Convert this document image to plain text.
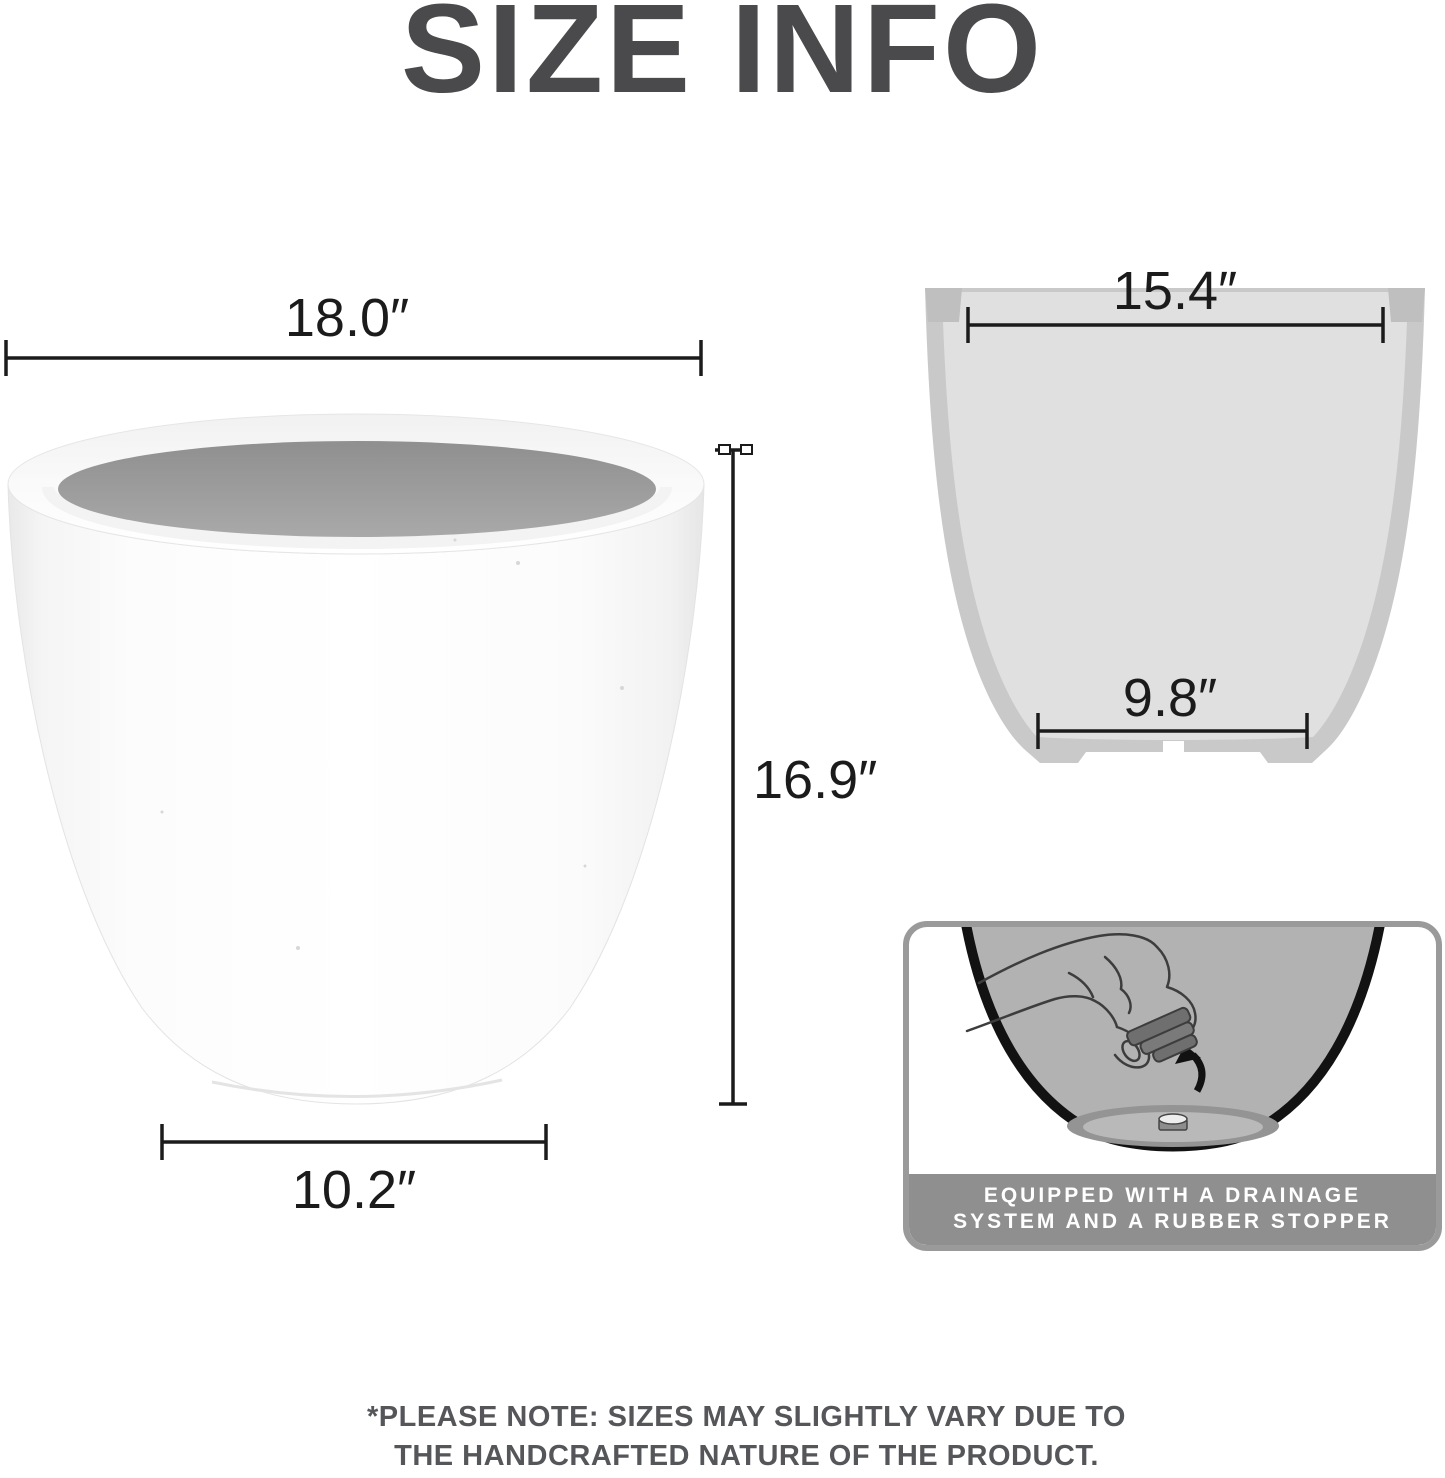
SIZE INFO
18.0″
16.9″
10.2″
15.4″
9.8″
EQUIPPED WITH A DRAINAGE
SYSTEM AND A RUBBER STOPPER
*PLEASE NOTE: SIZES MAY SLIGHTLY VARY DUE TO
THE HANDCRAFTED NATURE OF THE PRODUCT.
